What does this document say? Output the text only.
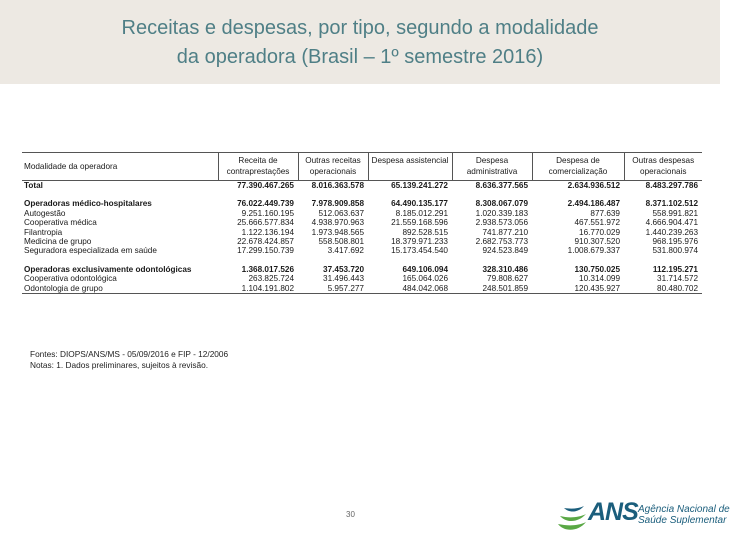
Receitas e despesas, por tipo, segundo a modalidade
da operadora (Brasil – 1º semestre 2016)
Modalidade da operadora	Receita de contraprestações	Outras receitas operacionais	Despesa assistencial	Despesa administrativa	Despesa de comercialização	Outras despesas operacionais
Total	77.390.467.265	8.016.363.578	65.139.241.272	8.636.377.565	2.634.936.512	8.483.297.786

Operadoras médico-hospitalares	76.022.449.739	7.978.909.858	64.490.135.177	8.308.067.079	2.494.186.487	8.371.102.512
Autogestão	9.251.160.195	512.063.637	8.185.012.291	1.020.339.183	877.639	558.991.821
Cooperativa médica	25.666.577.834	4.938.970.963	21.559.168.596	2.938.573.056	467.551.972	4.666.904.471
Filantropia	1.122.136.194	1.973.948.565	892.528.515	741.877.210	16.770.029	1.440.239.263
Medicina de grupo	22.678.424.857	558.508.801	18.379.971.233	2.682.753.773	910.307.520	968.195.976
Seguradora especializada em saúde	17.299.150.739	3.417.692	15.173.454.540	924.523.849	1.008.679.337	531.800.974

Operadoras exclusivamente odontológicas	1.368.017.526	37.453.720	649.106.094	328.310.486	130.750.025	112.195.271
Cooperativa odontológica	263.825.724	31.496.443	165.064.026	79.808.627	10.314.099	31.714.572
Odontologia de grupo	1.104.191.802	5.957.277	484.042.068	248.501.859	120.435.927	80.480.702
Fontes: DIOPS/ANS/MS - 05/09/2016 e FIP - 12/2006
Notas: 1. Dados preliminares, sujeitos à revisão.
30	ANS Agência Nacional de
Saúde Suplementar
